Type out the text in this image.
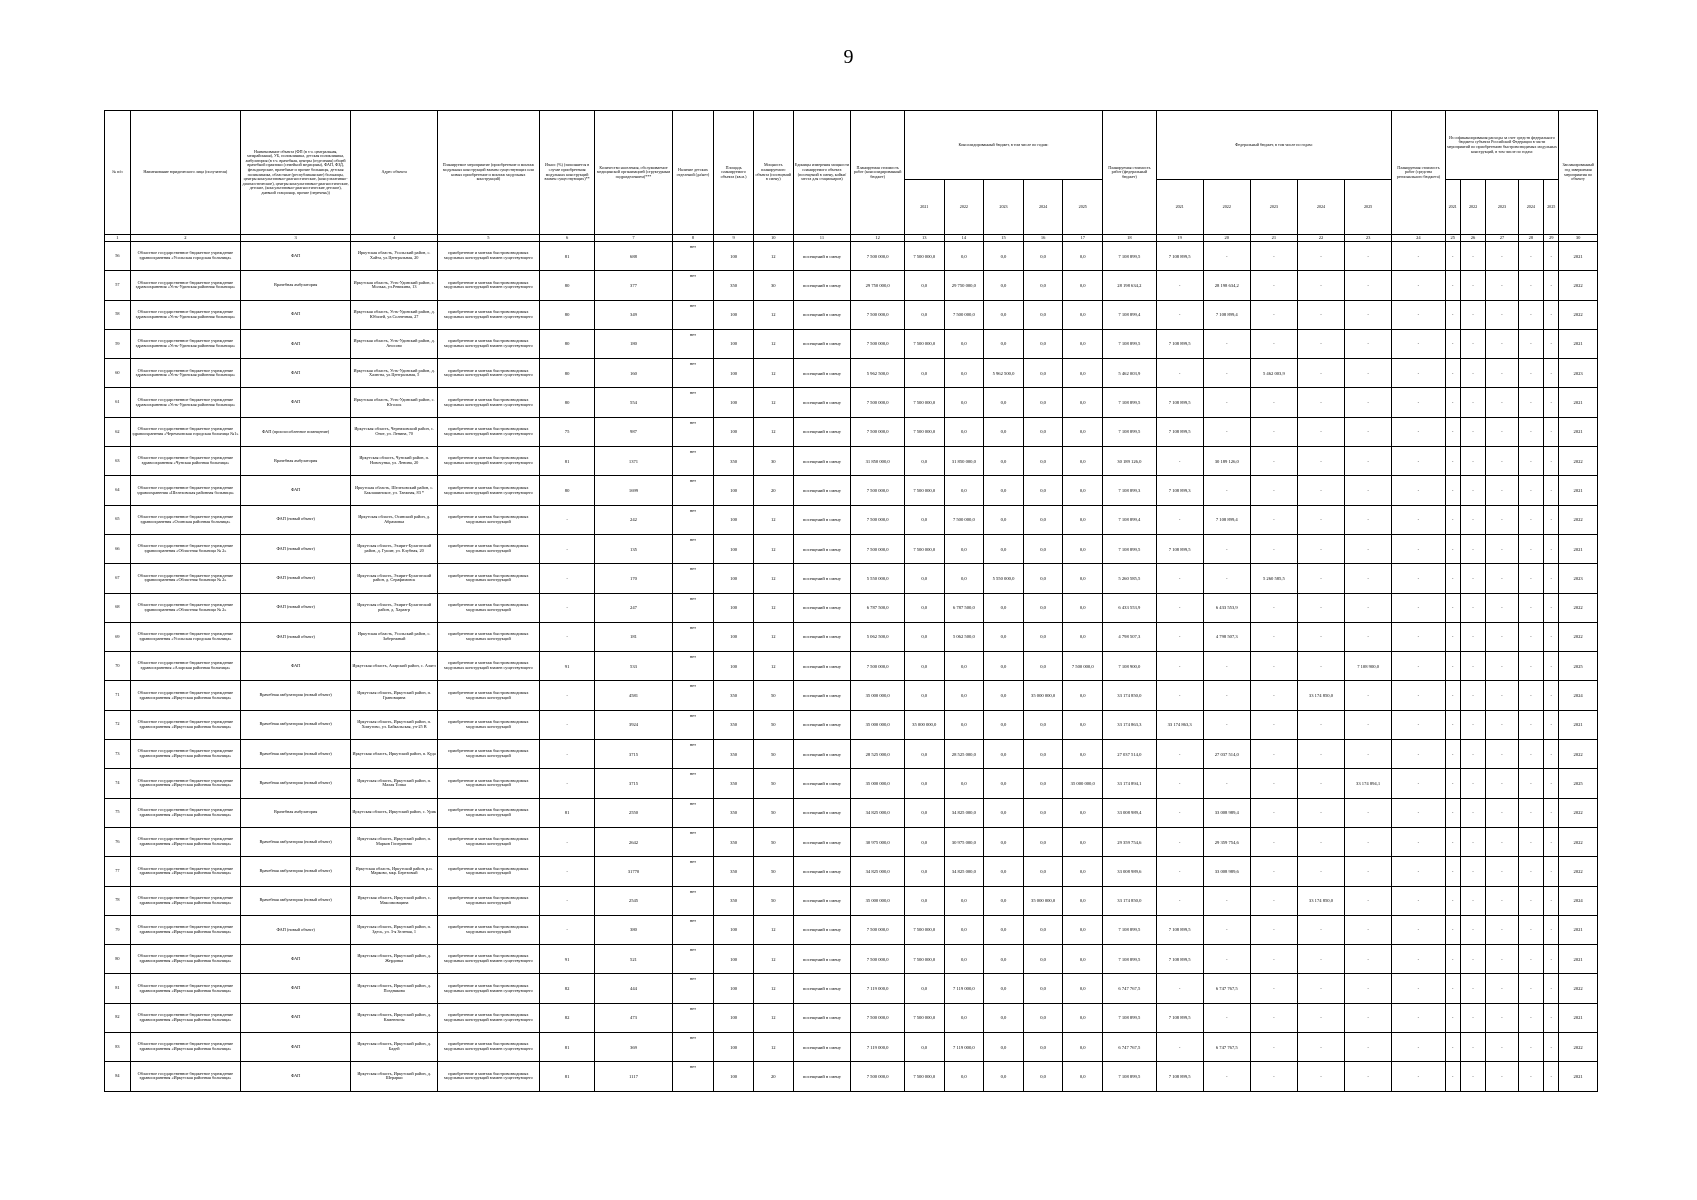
9
№ п/п	Наименование юридического лица (получателя)	Наименование объекта (ФП (в т.ч. центральная, межрайонная), УБ, поликлиника, детская поликлиника, амбулатория (в т.ч. врачебная, центры (отделения) общей врачебной практики (семейной медицины), ФАП, ФЗД, фельдшерские, врачебные и прочие больницы, детская поликлиника, областные (республиканские) больницы, центры консультативно-диагностические, (консультативно-диагностические), центры консультативно-диагностические, детские, (консультативно-диагностические детские), дневной стационар, прочие (перечень))	Адрес объекта	Планируемое мероприятие (приобретение и монтаж модульных конструкций взамен существующих или новых приобретение и монтаж модульных конструкций)	Износ (%) (заполняется в случае приобретения модульных конструкций взамен существующих)**	Количество населения, обслуживаемое медицинской организацией (структурным подразделением)***	Наличие детских отделений (да/нет)	Площадь планируемого объекта (кв.м.)	Мощность планируемого объекта (посещений в смену)	Единицы измерения мощности планируемого объекта (посещений в смену, койки/места для стационаров)	Планируемая стоимость работ (консолидированный бюджет)	Консолидированный бюджет, в том числе по годам:					Планируемая стоимость работ (федеральный бюджет)	Федеральный бюджет, в том числе по годам:					Планируемая стоимость работ (средства регионального бюджета)	Из софинансирования расходы за счет средств федерального бюджета субъекта Российской Федерации в части мероприятий по приобретению быстровозводимых модульных конструкций, в том числе по годам:					Запланированный год завершения мероприятия по объекту
												2021	2022	2023	2024	2025		2021	2022	2023	2024	2025		2021	2022	2023	2024	2025	
1	2	3	4	5	6	7	8	9	10	11	12	13	14	15	16	17	18	19	20	21	22	23	24	25	26	27	28	29	30
56	Областное государственное бюджетное учреждение здравоохранения «Усольская городская больница»	ФАП	Иркутская область, Усольский район, с. Хайта, ул.Центральная, 20	приобретение и монтаж быстровозводимых модульных конструкций взамен существующего	81	688	нет	100	12	посещений в смену	7 500 000,0	7 500 000,0	0,0	0,0	0,0	0,0	7 108 899,5	7 108 899,5	-	-	-	-	-	-	-	-	-	-	2021
57	Областное государственное бюджетное учреждение здравоохранения «Усть-Удинская районная больница»	Врачебная амбулатория	Иркутская область, Усть-Удинский район, с. Молька, ул.Ревикина, 13	приобретение и монтаж быстровозводимых модульных конструкций взамен существующего	80	377	нет	350	30	посещений в смену	29 750 000,0	0,0	29 750 000,0	0,0	0,0	0,0	28 198 634,2	-	28 198 634,2	-	-	-	-	-	-	-	-	-	2022
58	Областное государственное бюджетное учреждение здравоохранения «Усть-Удинская районная больница»	ФАП	Иркутская область, Усть-Удинский район, д. Юбилей, ул.Солнечная, 27	приобретение и монтаж быстровозводимых модульных конструкций взамен существующего	80	349	нет	100	12	посещений в смену	7 500 000,0	0,0	7 500 000,0	0,0	0,0	0,0	7 108 899,4	-	7 108 899,4	-	-	-	-	-	-	-	-	-	2022
59	Областное государственное бюджетное учреждение здравоохранения «Усть-Удинская районная больница»	ФАП	Иркутская область, Усть-Удинский район, д. Аносово	приобретение и монтаж быстровозводимых модульных конструкций взамен существующего	80	180	нет	100	12	посещений в смену	7 500 000,0	7 500 000,0	0,0	0,0	0,0	0,0	7 108 899,5	7 108 899,5	-	-	-	-	-	-	-	-	-	-	2021
60	Областное государственное бюджетное учреждение здравоохранения «Усть-Удинская районная больница»	ФАП	Иркутская область, Усть-Удинский район, д. Халюты, ул.Центральная, 5	приобретение и монтаж быстровозводимых модульных конструкций взамен существующего	80	160	нет	100	12	посещений в смену	5 962 500,0	0,0	0,0	5 962 500,0	0,0	0,0	5 462 003,9	-	-	5 462 003,9	-	-	-	-	-	-	-	-	2023
61	Областное государственное бюджетное учреждение здравоохранения «Усть-Удинская районная больница»	ФАП	Иркутская область, Усть-Удинский район, с. Юголок	приобретение и монтаж быстровозводимых модульных конструкций взамен существующего	80	554	нет	100	12	посещений в смену	7 500 000,0	7 500 000,0	0,0	0,0	0,0	0,0	7 108 899,5	7 108 899,5	-	-	-	-	-	-	-	-	-	-	2021
62	Областное государственное бюджетное учреждение здравоохранения «Черемховская городская больница №1»	ФАП (приспособленное помещение)	Иркутская область, Черемховский район, с. Онот, ул. Ленина, 70	приобретение и монтаж быстровозводимых модульных конструкций взамен существующего	75	987	нет	100	12	посещений в смену	7 500 000,0	7 500 000,0	0,0	0,0	0,0	0,0	7 108 899,5	7 108 899,5	-	-	-	-	-	-	-	-	-	-	2021
63	Областное государственное бюджетное учреждение здравоохранения «Чунская районная больница»	Врачебная амбулатория	Иркутская область, Чунский район, п. Новочунка, ул. Ленина, 20	приобретение и монтаж быстровозводимых модульных конструкций взамен существующего	81	1371	нет	350	30	посещений в смену	31 850 000,0	0,0	31 850 000,0	0,0	0,0	0,0	30 189 126,0	-	30 189 126,0	-	-	-	-	-	-	-	-	-	2022
64	Областное государственное бюджетное учреждение здравоохранения «Шелеховская районная больница»	ФАП	Иркутская область, Шелеховский район, с. Баклашинское, ул. Таежная, 83 *	приобретение и монтаж быстровозводимых модульных конструкций взамен существующего	80	1699	нет	100	20	посещений в смену	7 500 000,0	7 500 000,0	0,0	0,0	0,0	0,0	7 108 899,3	7 108 899,3	-	-	-	-	-	-	-	-	-	-	2021
65	Областное государственное бюджетное учреждение здравоохранения «Осинская районная больница»	ФАП (новый объект)	Иркутская область, Осинский район, д. Абрамовка	приобретение и монтаж быстровозводимых модульных конструкций	-	242	нет	100	12	посещений в смену	7 500 000,0	0,0	7 500 000,0	0,0	0,0	0,0	7 108 899,4	-	7 108 899,4	-	-	-	-	-	-	-	-	-	2022
66	Областное государственное бюджетное учреждение здравоохранения «Областная больница № 2»	ФАП (новый объект)	Иркутская область, Эхирит-Булагатский район, д. Гушит, ул. Клубная, 20	приобретение и монтаж быстровозводимых модульных конструкций	-	135	нет	100	12	посещений в смену	7 500 000,0	7 500 000,0	0,0	0,0	0,0	0,0	7 108 899,5	7 108 899,5	-	-	-	-	-	-	-	-	-	-	2021
67	Областное государственное бюджетное учреждение здравоохранения «Областная больница № 2»	ФАП (новый объект)	Иркутская область, Эхирит-Булагатский район, д. Серафимовск	приобретение и монтаж быстровозводимых модульных конструкций	-	170	нет	100	12	посещений в смену	5 550 000,0	0,0	0,0	5 550 000,0	0,0	0,0	5 260 585,5	-	-	5 260 585,5	-	-	-	-	-	-	-	-	2023
68	Областное государственное бюджетное учреждение здравоохранения «Областная больница № 2»	ФАП (новый объект)	Иркутская область, Эхирит-Булагатский район, д. Харазгр	приобретение и монтаж быстровозводимых модульных конструкций	-	247	нет	100	12	посещений в смену	6 787 500,0	0,0	6 787 500,0	0,0	0,0	0,0	6 433 553,9	-	6 433 553,9	-	-	-	-	-	-	-	-	-	2022
69	Областное государственное бюджетное учреждение здравоохранения «Усольская городская больница»	ФАП (новый объект)	Иркутская область, Усольский район, с. Забережный	приобретение и монтаж быстровозводимых модульных конструкций	-	181	нет	100	12	посещений в смену	5 062 500,0	0,0	5 062 500,0	0,0	0,0	0,0	4 798 507,3	-	4 798 507,3	-	-	-	-	-	-	-	-	-	2022
70	Областное государственное бюджетное учреждение здравоохранения «Аларская районная больница»	ФАП	Иркутская область, Аларский район, с. Алятэ	приобретение и монтаж быстровозводимых модульных конструкций взамен существующего	91	533	нет	100	12	посещений в смену	7 500 000,0	0,0	0,0	0,0	0,0	7 500 000,0	7 108 900,0	-	-	-	-	7 108 900,0	-	-	-	-	-	-	2025
71	Областное государственное бюджетное учреждение здравоохранения «Иркутская районная больница»	Врачебная амбулатория (новый объект)	Иркутская область, Иркутский район, п. Грановщина	приобретение и монтаж быстровозводимых модульных конструкций	-	4581	нет	350	50	посещений в смену	35 000 000,0	0,0	0,0	0,0	35 000 000,0	0,0	33 174 850,0	-	-	-	33 174 850,0	-	-	-	-	-	-	-	2024
72	Областное государственное бюджетное учреждение здравоохранения «Иркутская районная больница»	Врачебная амбулатория (новый объект)	Иркутская область, Иркутский район, п. Хомутово, ул. Байкальская, уч-25 В	приобретение и монтаж быстровозводимых модульных конструкций	-	3924	нет	350	50	посещений в смену	35 000 000,0	35 000 000,0	0,0	0,0	0,0	0,0	33 174 863,3	33 174 863,3	-	-	-	-	-	-	-	-	-	-	2021
73	Областное государственное бюджетное учреждение здравоохранения «Иркутская районная больница»	Врачебная амбулатория (новый объект)	Иркутская область, Иркутский район, п. Куда	приобретение и монтаж быстровозводимых модульных конструкций	-	3715	нет	350	50	посещений в смену	28 525 000,0	0,0	28 525 000,0	0,0	0,0	0,0	27 037 514,0	-	27 037 514,0	-	-	-	-	-	-	-	-	-	2022
74	Областное государственное бюджетное учреждение здравоохранения «Иркутская районная больница»	Врачебная амбулатория (новый объект)	Иркутская область, Иркутский район, п. Малая Топка	приобретение и монтаж быстровозводимых модульных конструкций	-	3715	нет	350	50	посещений в смену	35 000 000,0	0,0	0,0	0,0	0,0	35 000 000,0	33 174 894,1	-	-	-	-	33 174 894,1	-	-	-	-	-	-	2025
75	Областное государственное бюджетное учреждение здравоохранения «Иркутская районная больница»	Врачебная амбулатория	Иркутская область, Иркутский район, с. Урик	приобретение и монтаж быстровозводимых модульных конструкций	81	2550	нет	350	50	посещений в смену	34 825 000,0	0,0	34 825 000,0	0,0	0,0	0,0	33 008 989,4	-	33 008 989,4	-	-	-	-	-	-	-	-	-	2022
76	Областное государственное бюджетное учреждение здравоохранения «Иркутская районная больница»	Врачебная амбулатория (новый объект)	Иркутская область, Иркутский район, п. Марков Гоперинево	приобретение и монтаж быстровозводимых модульных конструкций	-	2642	нет	350	50	посещений в смену	30 975 000,0	0,0	30 975 000,0	0,0	0,0	0,0	29 359 754,6	-	29 359 754,6	-	-	-	-	-	-	-	-	-	2022
77	Областное государственное бюджетное учреждение здравоохранения «Иркутская районная больница»	Врачебная амбулатория (новый объект)	Иркутская область, Иркутский район, р.п. Марково, мкр. Березовый	приобретение и монтаж быстровозводимых модульных конструкций	-	31770	нет	350	50	посещений в смену	34 825 000,0	0,0	34 825 000,0	0,0	0,0	0,0	33 008 989,6	-	33 008 989,6	-	-	-	-	-	-	-	-	-	2022
78	Областное государственное бюджетное учреждение здравоохранения «Иркутская районная больница»	Врачебная амбулатория (новый объект)	Иркутская область, Иркутский район, с. Максимовщина	приобретение и монтаж быстровозводимых модульных конструкций	-	2545	нет	350	50	посещений в смену	35 000 000,0	0,0	0,0	0,0	35 000 000,0	0,0	33 174 850,0	-	-	-	33 174 850,0	-	-	-	-	-	-	-	2024
79	Областное государственное бюджетное учреждение здравоохранения «Иркутская районная больница»	ФАП (новый объект)	Иркутская область, Иркутский район, п. Здесь, ул. 3-я Зеленая, 1	приобретение и монтаж быстровозводимых модульных конструкций	-	380	нет	100	12	посещений в смену	7 500 000,0	7 500 000,0	0,0	0,0	0,0	0,0	7 108 899,5	7 108 899,5	-	-	-	-	-	-	-	-	-	-	2021
80	Областное государственное бюджетное учреждение здравоохранения «Иркутская районная больница»	ФАП	Иркутская область, Иркутский район, д. Жердовка	приобретение и монтаж быстровозводимых модульных конструкций взамен существующего	91	521	нет	100	12	посещений в смену	7 500 000,0	7 500 000,0	0,0	0,0	0,0	0,0	7 108 899,5	7 108 899,5	-	-	-	-	-	-	-	-	-	-	2021
81	Областное государственное бюджетное учреждение здравоохранения «Иркутская районная больница»	ФАП	Иркутская область, Иркутский район, д. Позднякова	приобретение и монтаж быстровозводимых модульных конструкций взамен существующего	82	444	нет	100	12	посещений в смену	7 119 000,0	0,0	7 119 000,0	0,0	0,0	0,0	6 747 767,5	-	6 747 767,5	-	-	-	-	-	-	-	-	-	2022
82	Областное государственное бюджетное учреждение здравоохранения «Иркутская районная больница»	ФАП	Иркутская область, Иркутский район, д. Каменнозы	приобретение и монтаж быстровозводимых модульных конструкций взамен существующего	82	473	нет	100	12	посещений в смену	7 500 000,0	7 500 000,0	0,0	0,0	0,0	0,0	7 108 899,5	7 108 899,5	-	-	-	-	-	-	-	-	-	-	2021
83	Областное государственное бюджетное учреждение здравоохранения «Иркутская районная больница»	ФАП	Иркутская область, Иркутский район, д. Бадей	приобретение и монтаж быстровозводимых модульных конструкций взамен существующего	81	369	нет	100	12	посещений в смену	7 119 000,0	0,0	7 119 000,0	0,0	0,0	0,0	6 747 767,5	-	6 747 767,5	-	-	-	-	-	-	-	-	-	2022
84	Областное государственное бюджетное учреждение здравоохранения «Иркутская районная больница»	ФАП	Иркутская область, Иркутский район, д. Шерарки	приобретение и монтаж быстровозводимых модульных конструкций взамен существующего	81	1117	нет	100	20	посещений в смену	7 500 000,0	7 500 000,0	0,0	0,0	0,0	0,0	7 108 899,5	7 108 899,5	-	-	-	-	-	-	-	-	-	-	2021
